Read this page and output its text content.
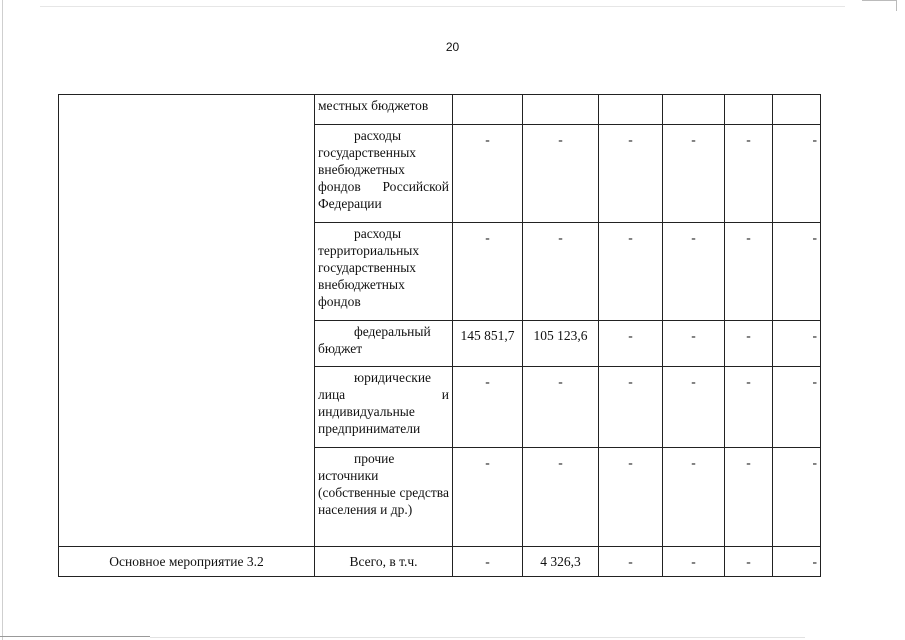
20
	местных бюджетов						
	расходы государственных внебюджетных фондов Российской Федерации	-	-	-	-	-	-
	расходы территориальных государственных внебюджетных фондов	-	-	-	-	-	-
	федеральный бюджет	145 851,7	105 123,6	-	-	-	-
	юридические лица и индивидуальные предприниматели	-	-	-	-	-	-
	прочие источники (собственные средства населения и др.)	-	-	-	-	-	-
Основное мероприятие 3.2	Всего, в т.ч.	-	4 326,3	-	-	-	-
